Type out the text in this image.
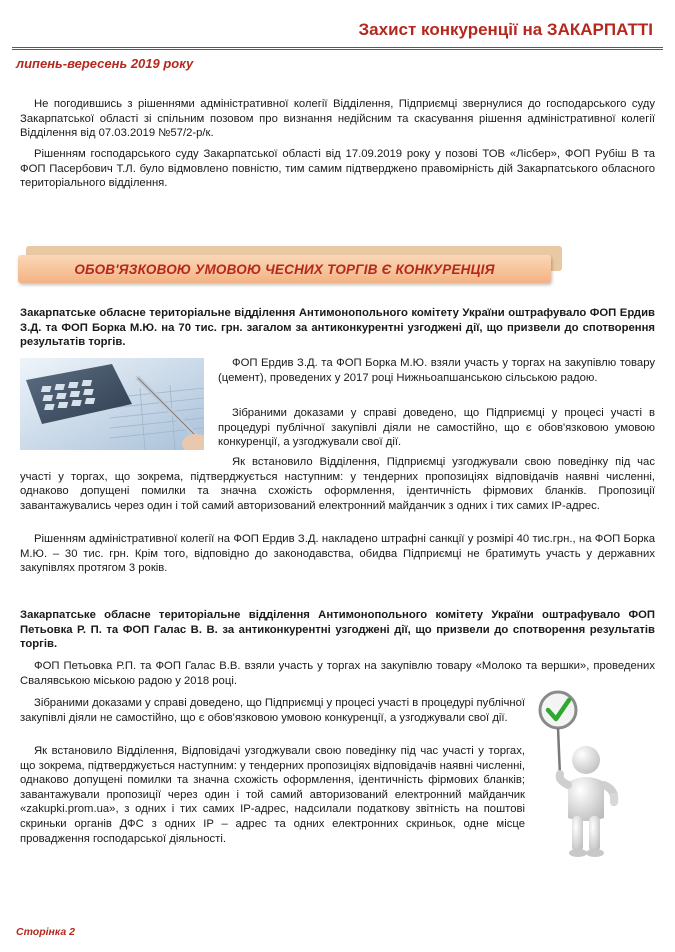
Захист конкуренції на ЗАКАРПАТТІ
липень-вересень 2019 року

Не погодившись з рішеннями адміністративної колегії Відділення, Підприємці звернулися до господарського суду Закарпатської області зі спільним позовом про визнання недійсним та скасування рішення адміністративної колегії Відділення від 07.03.2019 №57/2-р/к.

Рішенням господарського суду Закарпатської області від 17.09.2019 року у позові ТОВ «Лісбер», ФОП Рубіш В та ФОП Пасербович Т.Л. було відмовлено повністю, тим самим підтверджено правомірність дій Закарпатського обласного територіального відділення.

ОБОВ'ЯЗКОВОЮ УМОВОЮ ЧЕСНИХ ТОРГІВ Є КОНКУРЕНЦІЯ

Закарпатське обласне територіальне відділення Антимонопольного комітету України оштрафувало ФОП Ердив З.Д. та ФОП Борка М.Ю. на 70 тис. грн. загалом за антиконкурентні узгоджені дії, що призвели до спотворення результатів торгів.

ФОП Ердив З.Д. та ФОП Борка М.Ю. взяли участь у торгах на закупівлю товару (цемент), проведених у 2017 році Нижньоапшанською сільською радою.

Зібраними доказами у справі доведено, що Підприємці у процесі участі в процедурі публічної закупівлі діяли не самостійно, що є обов'язковою умовою конкуренції, а узгоджували свої дії.

Як встановило Відділення, Підприємці узгоджували свою поведінку під час участі у торгах, що зокрема, підтверджується наступним: у тендерних пропозиціях відповідачів наявні численні, однаково допущені помилки та значна схожість оформлення, ідентичність фірмових бланків. Пропозиції завантажувались через один і той самий авторизований електронний майданчик з одних і тих самих IP-адрес.

Рішенням адміністративної колегії на ФОП Ердив З.Д. накладено штрафні санкції у розмірі 40 тис.грн., на ФОП Борка М.Ю. – 30 тис. грн. Крім того, відповідно до законодавства, обидва Підприємці не братимуть участь у державних закупівлях протягом 3 років.

Закарпатське обласне територіальне відділення Антимонопольного комітету України оштрафувало ФОП Петьовка Р. П. та ФОП Галас В. В. за антиконкурентні узгоджені дії, що призвели до спотворення результатів торгів.

ФОП Петьовка Р.П. та ФОП Галас В.В. взяли участь у торгах на закупівлю товару «Молоко та вершки», проведених Свалявською міською радою у 2018 році.

Зібраними доказами у справі доведено, що Підприємці у процесі участі в процедурі публічної закупівлі діяли не самостійно, що є обов'язковою умовою конкуренції, а узгоджували свої дії.

Як встановило Відділення, Відповідачі узгоджували свою поведінку під час участі у торгах, що зокрема, підтверджується наступним: у тендерних пропозиціях відповідачів наявні численні, однаково допущені помилки та значна схожість оформлення, ідентичність фірмових бланків; завантажували пропозиції через один і той самий авторизований електронний майданчик «zakupki.prom.ua», з одних і тих самих IP-адрес, надсилали податкову звітність на поштові скриньки органів ДФС з одних IP – адрес та одних електронних скриньок, одне місце провадження господарської діяльності.

Сторінка 2
